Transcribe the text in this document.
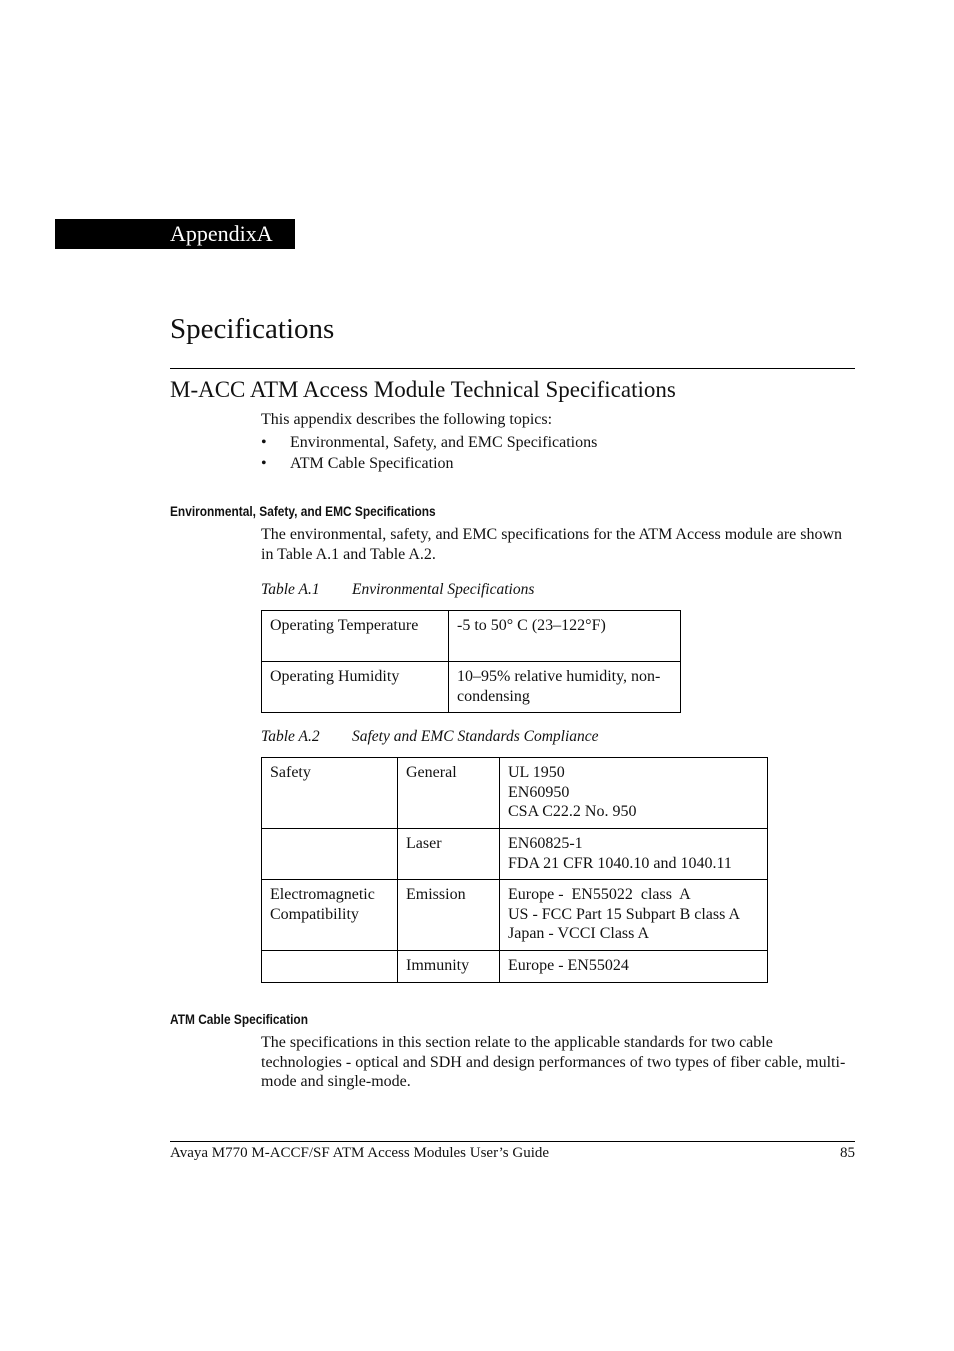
AppendixA
Specifications
M-ACC ATM Access Module Technical Specifications
This appendix describes the following topics:
• Environmental, Safety, and EMC Specifications
• ATM Cable Specification
Environmental, Safety, and EMC Specifications

The environmental, safety, and EMC specifications for the ATM Access module are shown in Table A.1 and Table A.2.

Table A.1 Environmental Specifications
Operating Temperature	-5 to 50° C (23–122°F)
Operating Humidity	10–95% relative humidity, non-condensing
Table A.2 Safety and EMC Standards Compliance
Safety	General	UL 1950
EN60950
CSA C22.2 No. 950

	Laser	EN60825-1
FDA 21 CFR 1040.10 and 1040.11

Electromagnetic Compatibility	Emission	Europe -  EN55022  class  A
US - FCC Part 15 Subpart B class A
Japan - VCCI Class A

	Immunity	Europe - EN55024
ATM Cable Specification

The specifications in this section relate to the applicable standards for two cable technologies - optical and SDH and design performances of two types of fiber cable, multi-mode and single-mode.

Avaya M770 M-ACCF/SF ATM Access Modules User’s Guide	85
